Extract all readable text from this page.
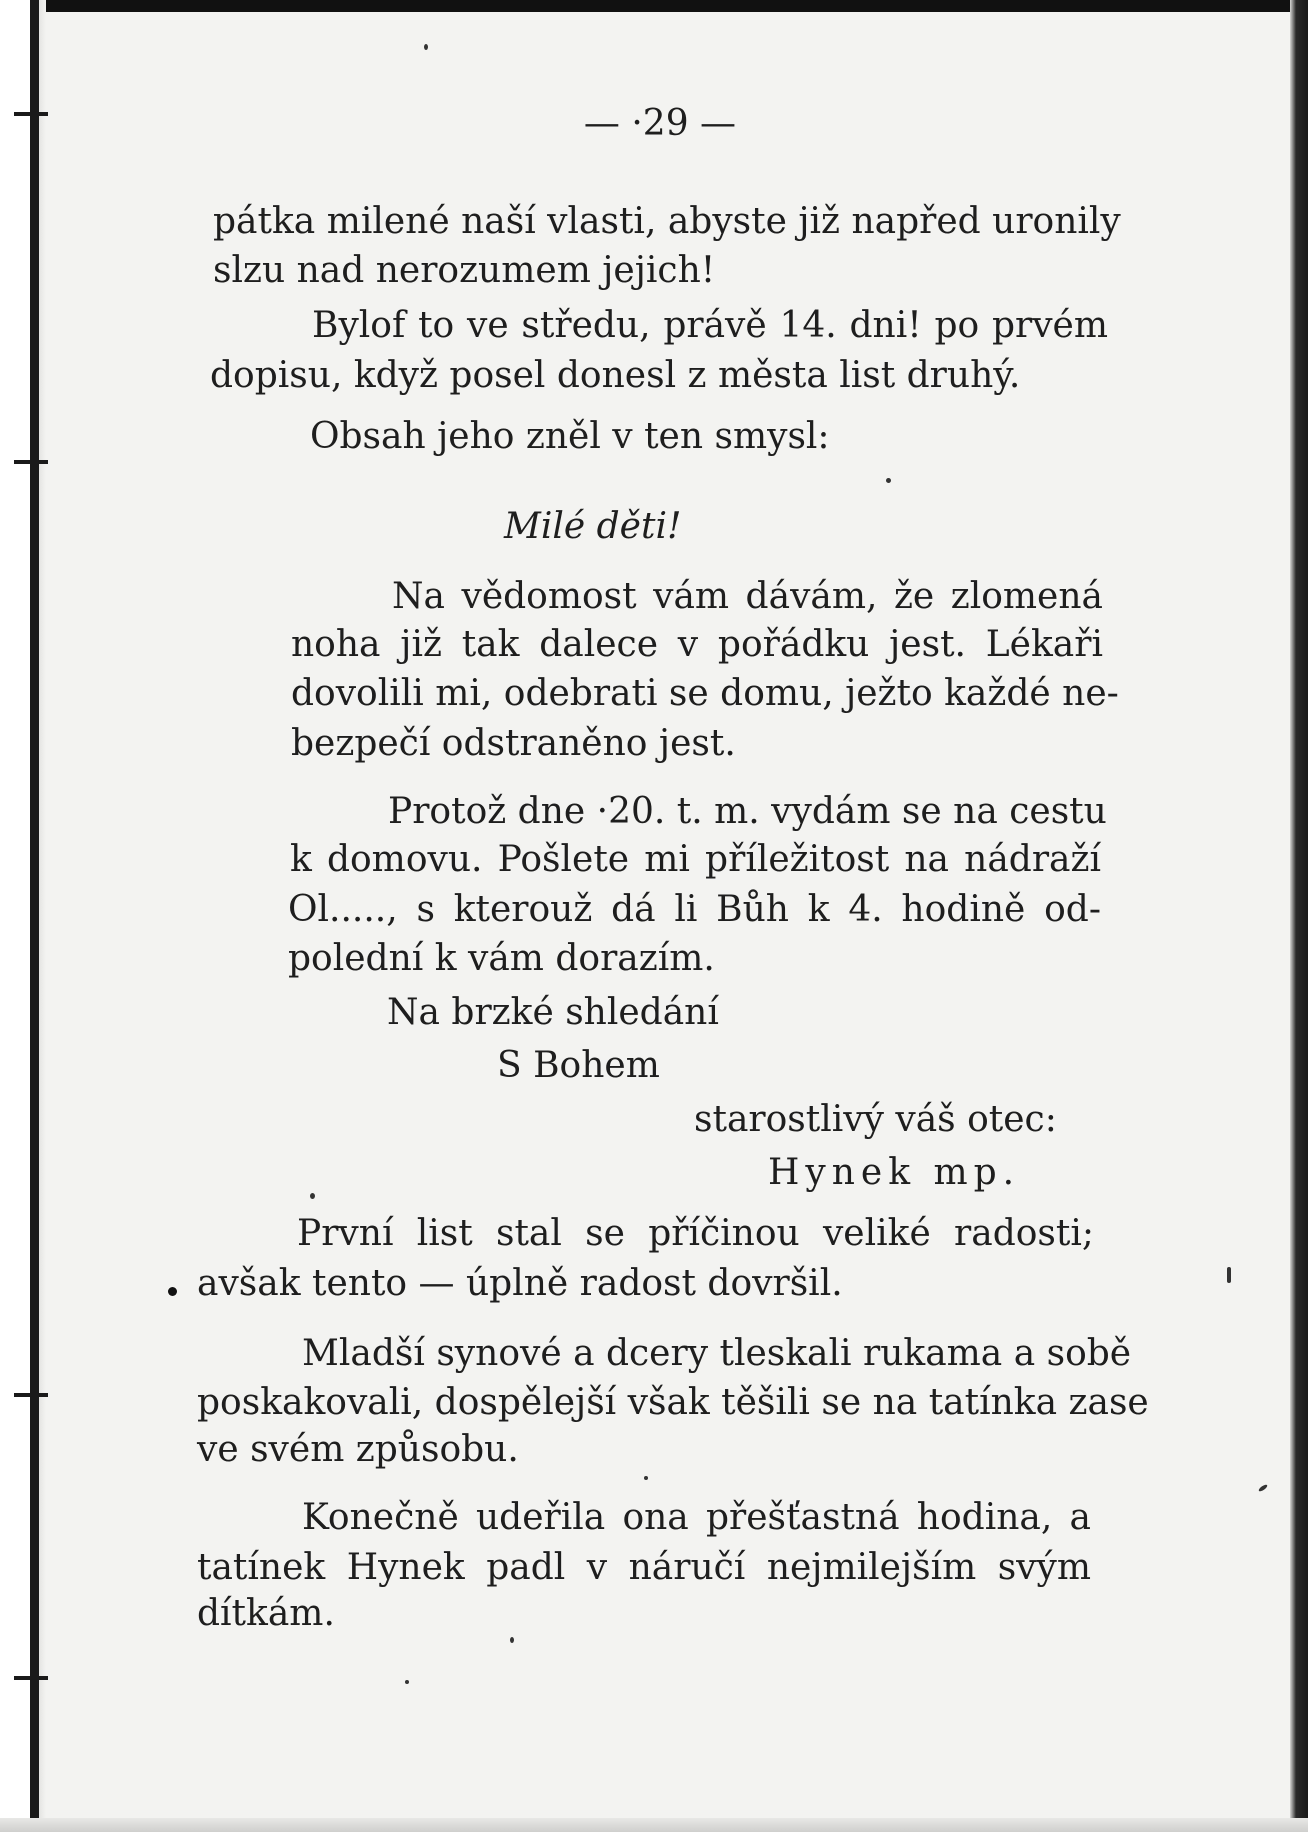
— ·29 —
pátka milené naší vlasti, abyste již napřed uronily
slzu nad nerozumem jejich!
Bylof to ve středu, právě 14. dni! po prvém
dopisu, když posel donesl z města list druhý.
Obsah jeho zněl v ten smysl:
Milé děti!
Na vědomost vám dávám, že zlomená
noha již tak dalece v pořádku jest. Lékaři
dovolili mi, odebrati se domu, ježto každé ne-
bezpečí odstraněno jest.
Protož dne ·20. t. m. vydám se na cestu
k domovu. Pošlete mi příležitost na nádraží
Ol....., s kterouž dá li Bůh k 4. hodině od-
polední k vám dorazím.
Na brzké shledání
S Bohem
starostlivý váš otec:
Hynek mp.
První list stal se příčinou veliké radosti;
avšak tento — úplně radost dovršil.
Mladší synové a dcery tleskali rukama a sobě
poskakovali, dospělejší však těšili se na tatínka zase
ve svém způsobu.
Konečně udeřila ona přešťastná hodina, a
tatínek Hynek padl v náručí nejmilejším svým
dítkám.
